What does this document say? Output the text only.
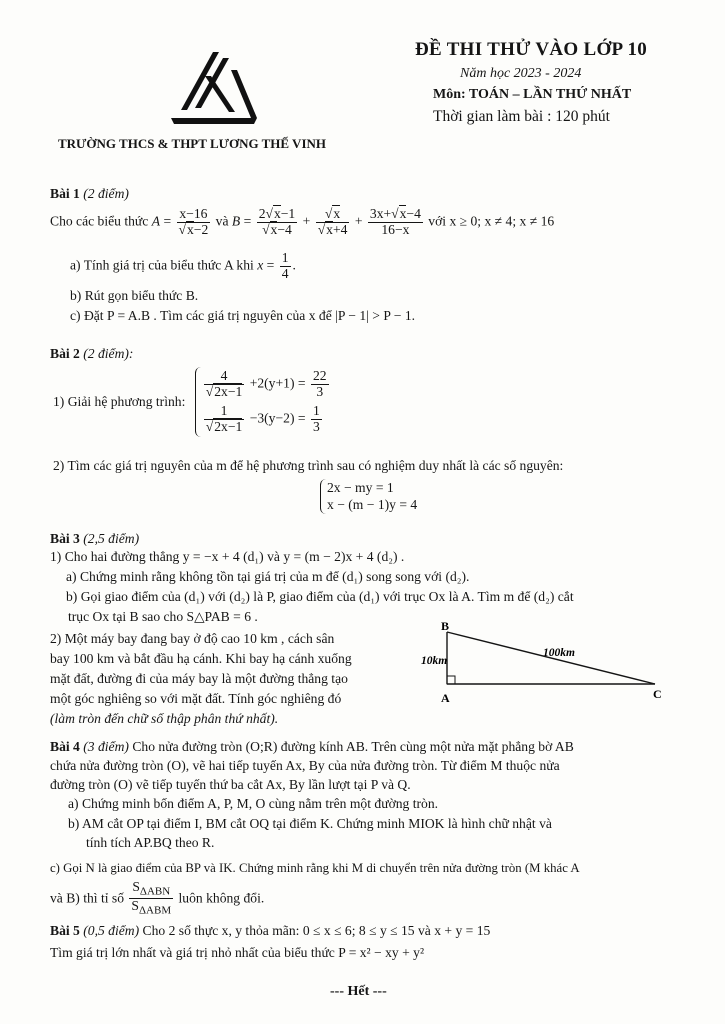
ĐỀ THI THỬ VÀO LỚP 10
Năm học 2023 - 2024
Môn: TOÁN – LẦN THỨ NHẤT
Thời gian làm bài : 120 phút
TRƯỜNG THCS & THPT LƯƠNG THẾ VINH
Bài 1 (2 điểm)
Cho các biểu thức $A = \frac{x-16}{√x-2}$ và $B = \frac{2√x-1}{√x-4} + \frac{√x}{√x+4} + \frac{3x+√x-4}{16-x}$ với x ≥ 0; x ≠ 4; x ≠ 16
a) Tính giá trị của biểu thức A khi $x = \frac{1}{4}$ .
b) Rút gọn biểu thức B.
c) Đặt P = A.B . Tìm các giá trị nguyên của x để |P − 1| > P − 1.
Bài 2 (2 điểm):
1) Giải hệ phương trình:
$\frac{4}{√2x-1} +2(y+1) = \frac{22}{3}$
$\frac{1}{√2x-1} -3(y-2) = \frac{1}{3}$
2) Tìm các giá trị nguyên của m để hệ phương trình sau có nghiệm duy nhất là các số nguyên:
2x − my = 1
x − (m − 1)y = 4
Bài 3 (2,5 điểm)
1) Cho hai đường thẳng y = −x + 4 (d₁) và y = (m − 2)x + 4 (d₂) .
a) Chứng minh rằng không tồn tại giá trị của m để (d₁) song song với (d₂).
b) Gọi giao điểm của (d₁) với (d₂) là P, giao điểm của (d₁) với trục Ox là A. Tìm m để (d₂) cắt
trục Ox tại B sao cho S△PAB = 6 .
2) Một máy bay đang bay ở độ cao 10 km , cách sân
bay 100 km và bắt đầu hạ cánh. Khi bay hạ cánh xuống
mặt đất, đường đi của máy bay là một đường thẳng tạo
một góc nghiêng so với mặt đất. Tính góc nghiêng đó
(làm tròn đến chữ số thập phân thứ nhất).
B
A	C
10km
100km
Bài 4 (3 điểm) Cho nửa đường tròn (O;R) đường kính AB. Trên cùng một nửa mặt phẳng bờ AB
chứa nửa đường tròn (O), vẽ hai tiếp tuyến Ax, By của nửa đường tròn. Từ điểm M thuộc nửa
đường tròn (O) vẽ tiếp tuyến thứ ba cắt Ax, By lần lượt tại P và Q.
a) Chứng minh bốn điểm A, P, M, O cùng nằm trên một đường tròn.
b) AM cắt OP tại điểm I, BM cắt OQ tại điểm K. Chứng minh MIOK là hình chữ nhật và
tính tích AP.BQ theo R.
c) Gọi N là giao điểm của BP và IK. Chứng minh rằng khi M di chuyển trên nửa đường tròn (M khác A
và B) thì tỉ số $\frac{S_{\Delta ABN}}{S_{\Delta ABM}}$ luôn không đổi.
Bài 5 (0,5 điểm) Cho 2 số thực x, y thỏa mãn: 0 ≤ x ≤ 6; 8 ≤ y ≤ 15 và x + y = 15
Tìm giá trị lớn nhất và giá trị nhỏ nhất của biểu thức P = x² − xy + y²
--- Hết ---
